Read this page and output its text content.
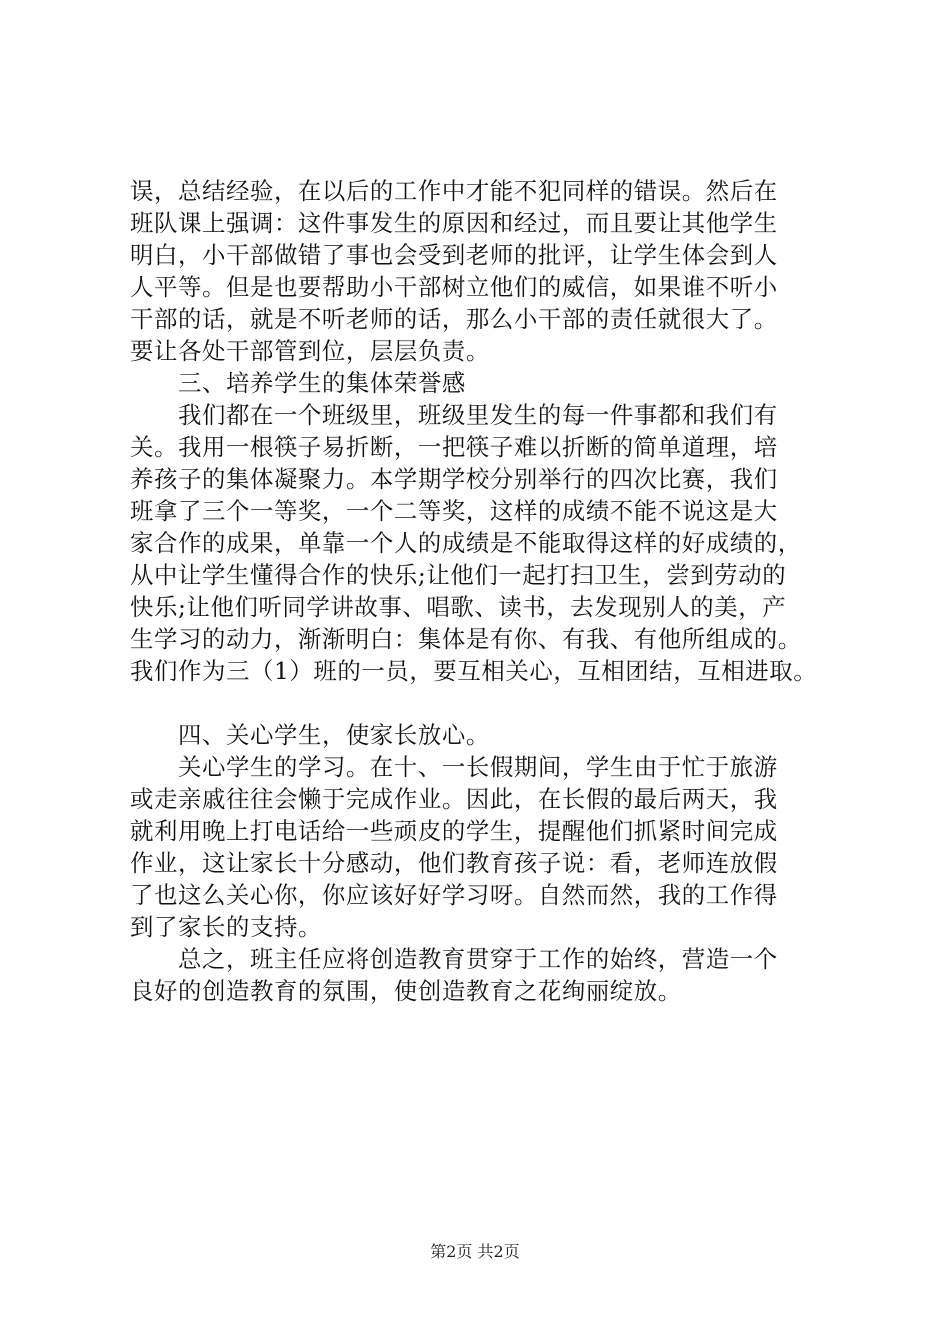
误，总结经验，在以后的工作中才能不犯同样的错误。然后在
班队课上强调：这件事发生的原因和经过，而且要让其他学生
明白，小干部做错了事也会受到老师的批评，让学生体会到人
人平等。但是也要帮助小干部树立他们的威信，如果谁不听小
干部的话，就是不听老师的话，那么小干部的责任就很大了。
要让各处干部管到位，层层负责。
三、培养学生的集体荣誉感
我们都在一个班级里，班级里发生的每一件事都和我们有
关。我用一根筷子易折断，一把筷子难以折断的简单道理，培
养孩子的集体凝聚力。本学期学校分别举行的四次比赛，我们
班拿了三个一等奖，一个二等奖，这样的成绩不能不说这是大
家合作的成果，单靠一个人的成绩是不能取得这样的好成绩的，
从中让学生懂得合作的快乐;让他们一起打扫卫生，尝到劳动的
快乐;让他们听同学讲故事、唱歌、读书，去发现别人的美，产
生学习的动力，渐渐明白：集体是有你、有我、有他所组成的。
我们作为三（1）班的一员，要互相关心，互相团结，互相进取。
四、关心学生，使家长放心。
关心学生的学习。在十、一长假期间，学生由于忙于旅游
或走亲戚往往会懒于完成作业。因此，在长假的最后两天，我
就利用晚上打电话给一些顽皮的学生，提醒他们抓紧时间完成
作业，这让家长十分感动，他们教育孩子说：看，老师连放假
了也这么关心你，你应该好好学习呀。自然而然，我的工作得
到了家长的支持。
总之，班主任应将创造教育贯穿于工作的始终，营造一个
良好的创造教育的氛围，使创造教育之花绚丽绽放。
第2页 共2页
